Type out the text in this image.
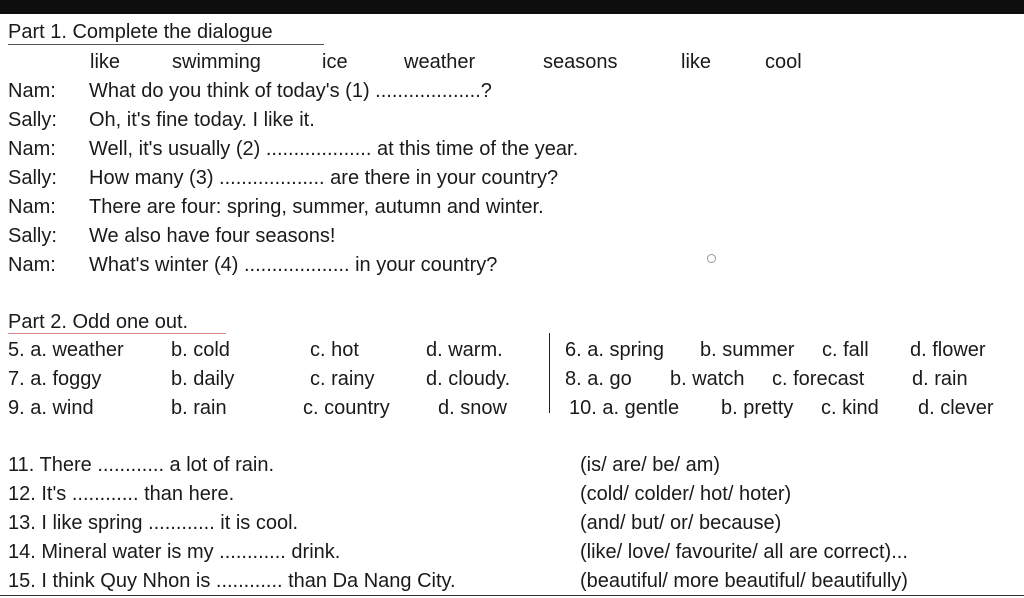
Part 1. Complete the dialogue
like	swimming	ice	weather	seasons	like	cool
Nam: What do you think of today's (1) ...................?
Sally: Oh, it's fine today. I like it.
Nam: Well, it's usually (2) ................... at this time of the year.
Sally: How many (3) ................... are there in your country?
Nam: There are four: spring, summer, autumn and winter.
Sally: We also have four seasons!
Nam: What's winter (4) ................... in your country?
Part 2. Odd one out.
5. a. weather b. cold	c. hot	d. warm.
7. a. foggy	b. daily	c. rainy	d. cloudy.
9. a. wind	b. rain	c. country d. snow
6. a. spring b. summer c. fall d. flower
8. a. go b. watch c. forecast d. rain
10. a. gentle b. pretty c. kind d. clever
11. There ............ a lot of rain.	(is/ are/ be/ am)
12. It's ............ than here.	(cold/ colder/ hot/ hoter)
13. I like spring ............ it is cool.	(and/ but/ or/ because)
14. Mineral water is my ............ drink.	(like/ love/ favourite/ all are correct)...
15. I think Quy Nhon is ............ than Da Nang City.	(beautiful/ more beautiful/ beautifully)
